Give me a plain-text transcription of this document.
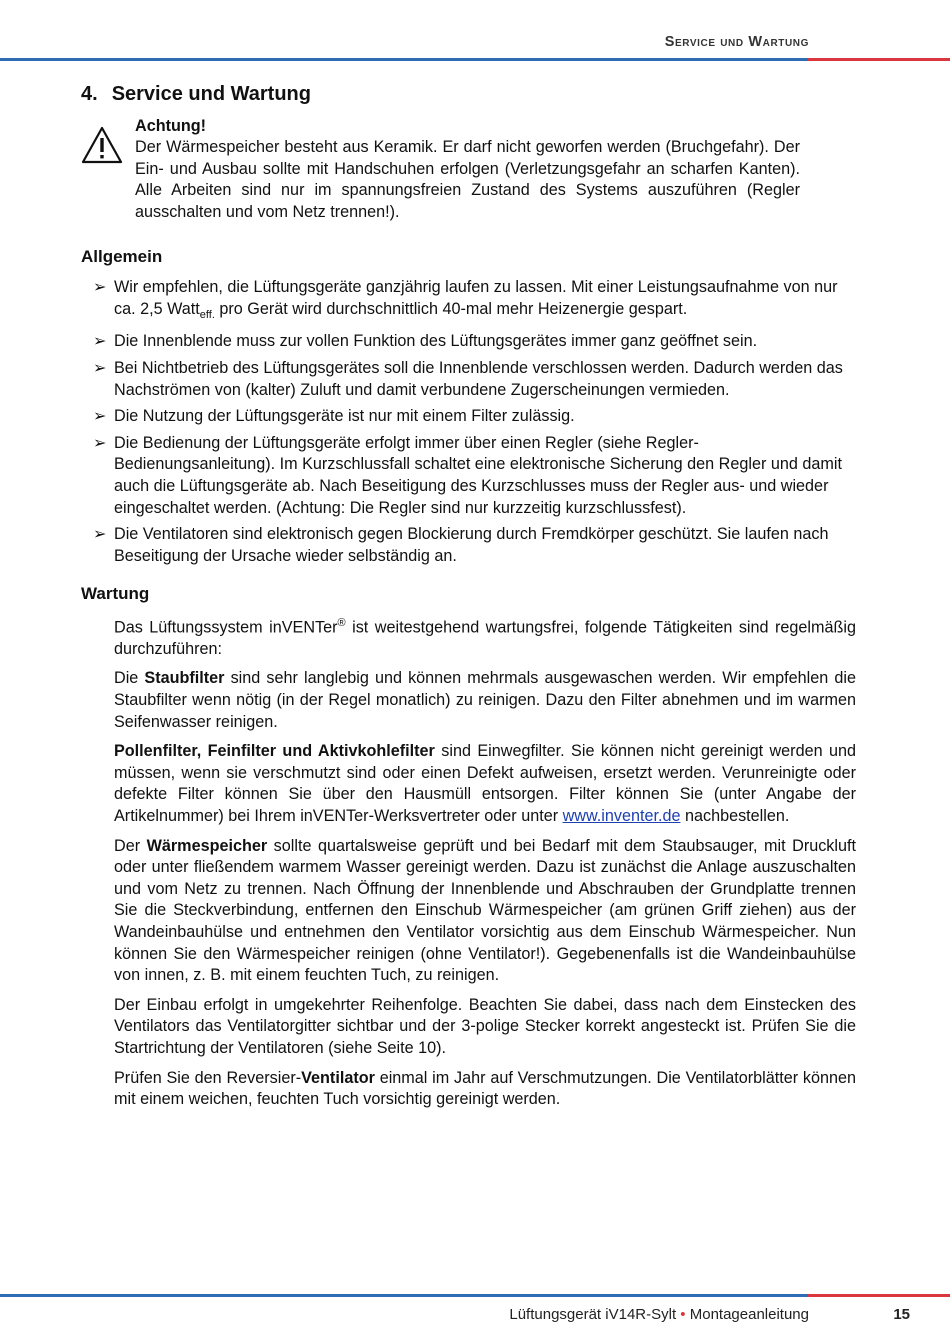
Service und Wartung
4. Service und Wartung
Achtung!
Der Wärmespeicher besteht aus Keramik. Er darf nicht geworfen werden (Bruchgefahr). Der Ein- und Ausbau sollte mit Handschuhen erfolgen (Verletzungsgefahr an scharfen Kanten). Alle Arbeiten sind nur im spannungsfreien Zustand des Systems auszuführen (Regler ausschalten und vom Netz trennen!).
Allgemein
➢ Wir empfehlen, die Lüftungsgeräte ganzjährig laufen zu lassen. Mit einer Leistungsaufnahme von nur ca. 2,5 Watt$_{eff.}$ pro Gerät wird durchschnittlich 40-mal mehr Heizenergie gespart.
➢ Die Innenblende muss zur vollen Funktion des Lüftungsgerätes immer ganz geöffnet sein.
➢ Bei Nichtbetrieb des Lüftungsgerätes soll die Innenblende verschlossen werden. Dadurch werden das Nachströmen von (kalter) Zuluft und damit verbundene Zugerscheinungen vermieden.
➢ Die Nutzung der Lüftungsgeräte ist nur mit einem Filter zulässig.
➢ Die Bedienung der Lüftungsgeräte erfolgt immer über einen Regler (siehe Regler-Bedienungsanleitung). Im Kurzschlussfall schaltet eine elektronische Sicherung den Regler und damit auch die Lüftungsgeräte ab. Nach Beseitigung des Kurzschlusses muss der Regler aus- und wieder eingeschaltet werden. (Achtung: Die Regler sind nur kurzzeitig kurzschlussfest).
➢ Die Ventilatoren sind elektronisch gegen Blockierung durch Fremdkörper geschützt. Sie laufen nach Beseitigung der Ursache wieder selbständig an.
Wartung

Das Lüftungssystem inVENTer® ist weitestgehend wartungsfrei, folgende Tätigkeiten sind regelmäßig durchzuführen:

Die Staubfilter sind sehr langlebig und können mehrmals ausgewaschen werden. Wir empfehlen die Staubfilter wenn nötig (in der Regel monatlich) zu reinigen. Dazu den Filter abnehmen und im warmen Seifenwasser reinigen.

Pollenfilter, Feinfilter und Aktivkohlefilter sind Einwegfilter. Sie können nicht gereinigt werden und müssen, wenn sie verschmutzt sind oder einen Defekt aufweisen, ersetzt werden. Verunreinigte oder defekte Filter können Sie über den Hausmüll entsorgen. Filter können Sie (unter Angabe der Artikelnummer) bei Ihrem inVENTer-Werksvertreter oder unter www.inventer.de nachbestellen.

Der Wärmespeicher sollte quartalsweise geprüft und bei Bedarf mit dem Staubsauger, mit Druckluft oder unter fließendem warmem Wasser gereinigt werden. Dazu ist zunächst die Anlage auszuschalten und vom Netz zu trennen. Nach Öffnung der Innenblende und Abschrauben der Grundplatte trennen Sie die Steckverbindung, entfernen den Einschub Wärmespeicher (am grünen Griff ziehen) aus der Wandeinbauhülse und entnehmen den Ventilator vorsichtig aus dem Einschub Wärmespeicher. Nun können Sie den Wärmespeicher reinigen (ohne Ventilator!). Gegebenenfalls ist die Wandeinbauhülse von innen, z. B. mit einem feuchten Tuch, zu reinigen.

Der Einbau erfolgt in umgekehrter Reihenfolge. Beachten Sie dabei, dass nach dem Einstecken des Ventilators das Ventilatorgitter sichtbar und der 3-polige Stecker korrekt angesteckt ist. Prüfen Sie die Startrichtung der Ventilatoren (siehe Seite 10).

Prüfen Sie den Reversier-Ventilator einmal im Jahr auf Verschmutzungen. Die Ventilatorblätter können mit einem weichen, feuchten Tuch vorsichtig gereinigt werden.

Lüftungsgerät iV14R-Sylt • Montageanleitung	15
